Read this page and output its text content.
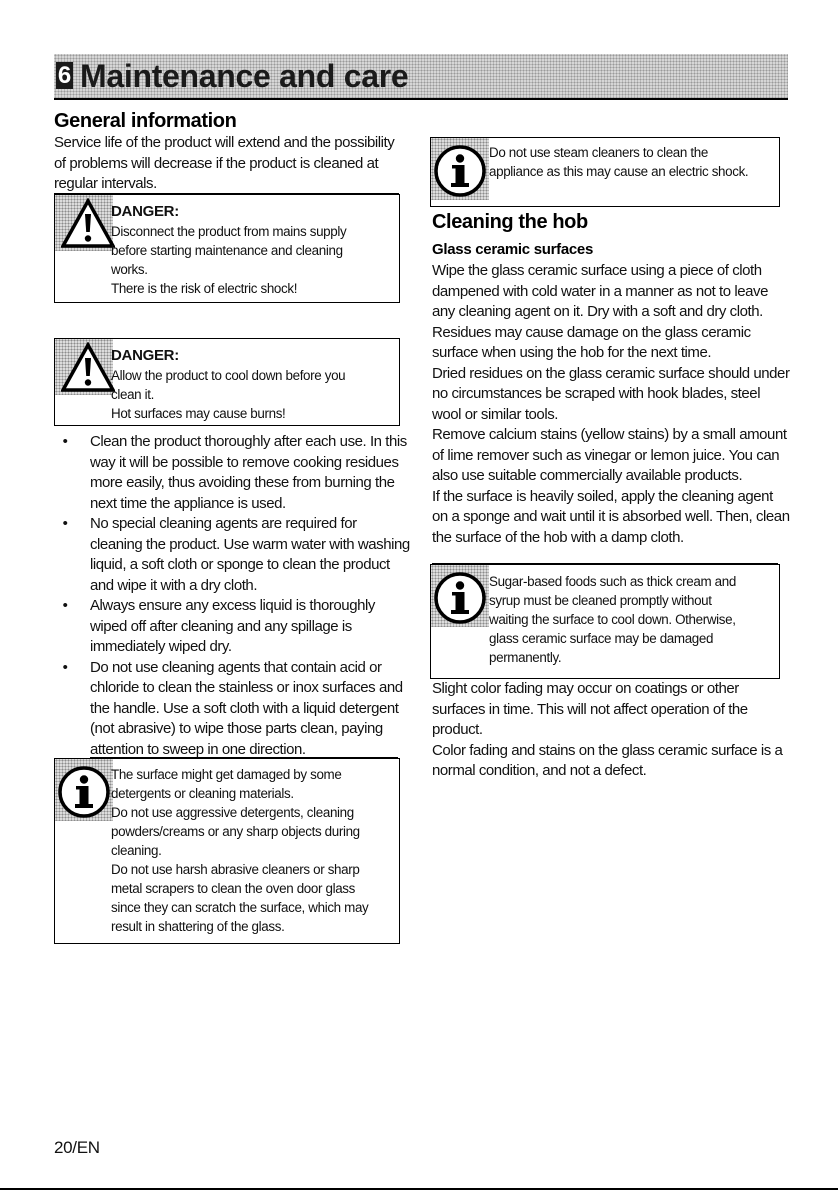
6 Maintenance and care
General information

Service life of the product will extend and the possibility of problems will decrease if the product is cleaned at regular intervals.

DANGER:

Disconnect the product from mains supply

before starting maintenance and cleaning

works.

There is the risk of electric shock!

DANGER:

Allow the product to cool down before you

clean it.

Hot surfaces may cause burns!

•	Clean the product thoroughly after each use. In this way it will be possible to remove cooking residues more easily, thus avoiding these from burning the next time the appliance is used.
•	No special cleaning agents are required for cleaning the product. Use warm water with washing liquid, a soft cloth or sponge to clean the product and wipe it with a dry cloth.
•	Always ensure any excess liquid is thoroughly wiped off after cleaning and any spillage is immediately wiped dry.
•	Do not use cleaning agents that contain acid or chloride to clean the stainless or inox surfaces and the handle. Use a soft cloth with a liquid detergent (not abrasive) to wipe those parts clean, paying attention to sweep in one direction.

The surface might get damaged by some

detergents or cleaning materials.

Do not use aggressive detergents, cleaning

powders/creams or any sharp objects during

cleaning.

Do not use harsh abrasive cleaners or sharp

metal scrapers to clean the oven door glass

since they can scratch the surface, which may

result in shattering of the glass.

Do not use steam cleaners to clean the

appliance as this may cause an electric shock.

Cleaning the hob
Glass ceramic surfaces

Wipe the glass ceramic surface using a piece of cloth dampened with cold water in a manner as not to leave any cleaning agent on it. Dry with a soft and dry cloth.

Residues may cause damage on the glass ceramic surface when using the hob for the next time.

Dried residues on the glass ceramic surface should under no circumstances be scraped with hook blades, steel wool or similar tools.

Remove calcium stains (yellow stains) by a small amount of lime remover such as vinegar or lemon juice. You can also use suitable commercially available products.

If the surface is heavily soiled, apply the cleaning agent on a sponge and wait until it is absorbed well. Then, clean the surface of the hob with a damp cloth.

Sugar-based foods such as thick cream and

syrup must be cleaned promptly without

waiting the surface to cool down. Otherwise,

glass ceramic surface may be damaged

permanently.

Slight color fading may occur on coatings or other surfaces in time. This will not affect operation of the product.

Color fading and stains on the glass ceramic surface is a normal condition, and not a defect.

20/EN
